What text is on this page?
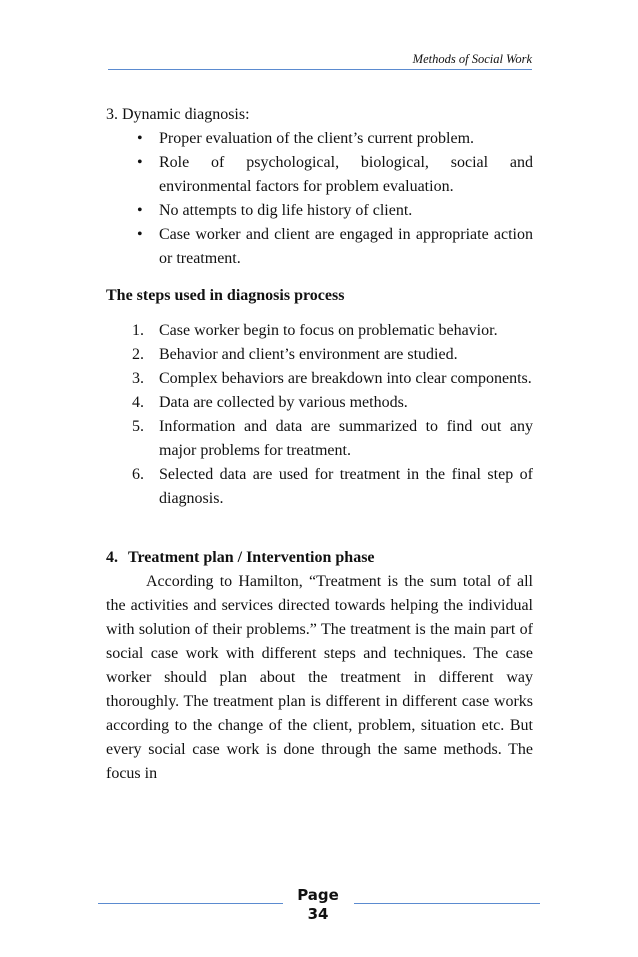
Methods of Social Work
3. Dynamic diagnosis:
• Proper evaluation of the client’s current problem.
• Role of psychological, biological, social and environmental factors for problem evaluation.
• No attempts to dig life history of client.
• Case worker and client are engaged in appropriate action or treatment.
The steps used in diagnosis process
1. Case worker begin to focus on problematic behavior.
2. Behavior and client’s environment are studied.
3. Complex behaviors are breakdown into clear components.
4. Data are collected by various methods.
5. Information and data are summarized to find out any major problems for treatment.
6. Selected data are used for treatment in the final step of diagnosis.
4. Treatment plan / Intervention phase

According to Hamilton, “Treatment is the sum total of all the activities and services directed towards helping the individual with solution of their problems.” The treatment is the main part of social case work with different steps and techniques. The case worker should plan about the treatment in different way thoroughly. The treatment plan is different in different case works according to the change of the client, problem, situation etc. But every social case work is done through the same methods. The focus in

Page
34
